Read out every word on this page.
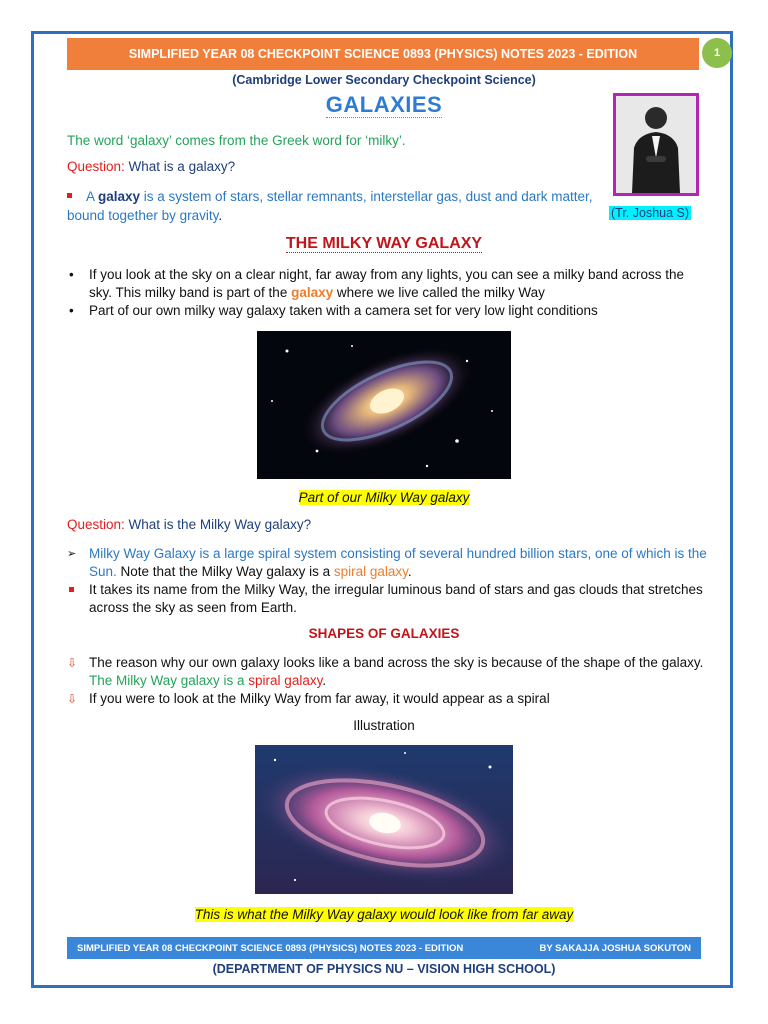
SIMPLIFIED YEAR 08 CHECKPOINT SCIENCE 0893 (PHYSICS) NOTES 2023 - EDITION	1
(Cambridge Lower Secondary Checkpoint Science)
GALAXIES
The word ‘galaxy’ comes from the Greek word for ‘milky’.
Question: What is a galaxy?
A galaxy is a system of stars, stellar remnants, interstellar gas, dust and dark matter, bound together by gravity.	(Tr. Joshua S)
THE MILKY WAY GALAXY
• If you look at the sky on a clear night, far away from any lights, you can see a milky band across the sky. This milky band is part of the galaxy where we live called the milky Way
• Part of our own milky way galaxy taken with a camera set for very low light conditions
Part of our Milky Way galaxy
Question: What is the Milky Way galaxy?
➢ Milky Way Galaxy is a large spiral system consisting of several hundred billion stars, one of which is the Sun. Note that the Milky Way galaxy is a spiral galaxy.
It takes its name from the Milky Way, the irregular luminous band of stars and gas clouds that stretches across the sky as seen from Earth.
SHAPES OF GALAXIES
⇩ The reason why our own galaxy looks like a band across the sky is because of the shape of the galaxy. The Milky Way galaxy is a spiral galaxy.
⇩ If you were to look at the Milky Way from far away, it would appear as a spiral
Illustration
This is what the Milky Way galaxy would look like from far away
SIMPLIFIED YEAR 08 CHECKPOINT SCIENCE 0893 (PHYSICS) NOTES 2023 - EDITION	BY SAKAJJA JOSHUA SOKUTON
(DEPARTMENT OF PHYSICS NU – VISION HIGH SCHOOL)
